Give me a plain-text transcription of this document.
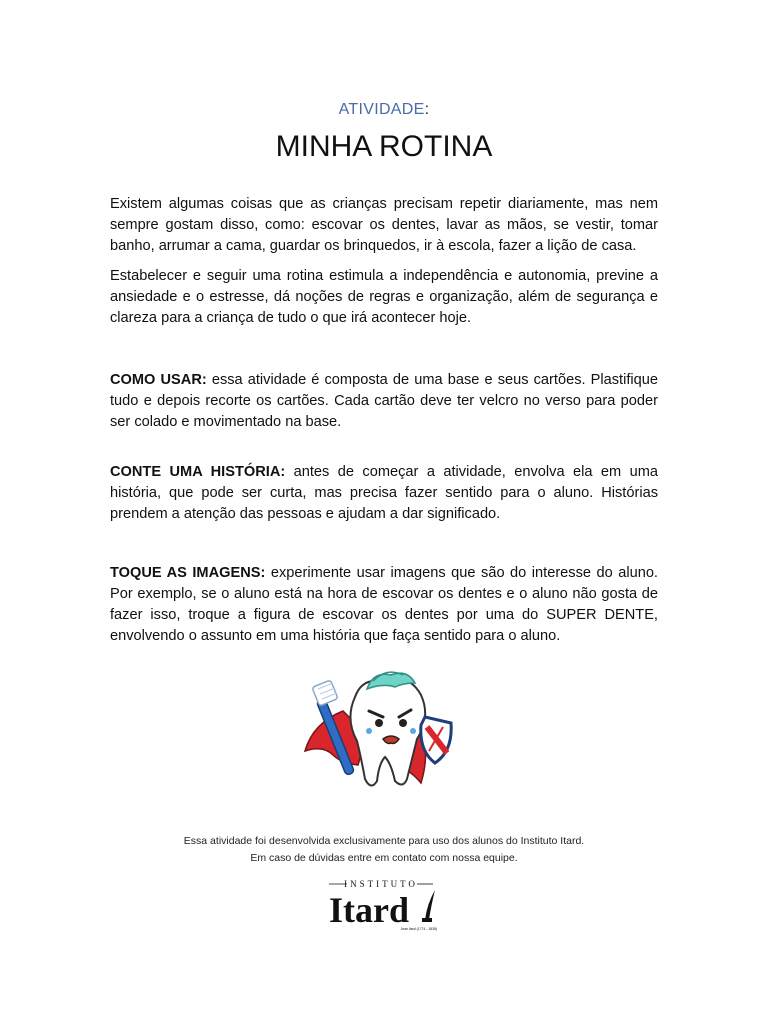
ATIVIDADE:
MINHA ROTINA

Existem algumas coisas que as crianças precisam repetir diariamente, mas nem sempre gostam disso, como: escovar os dentes, lavar as mãos, se vestir, tomar banho, arrumar a cama, guardar os brinquedos, ir à escola, fazer a lição de casa.

Estabelecer e seguir uma rotina estimula a independência e autonomia, previne a ansiedade e o estresse, dá noções de regras e organização, além de segurança e clareza para a criança de tudo o que irá acontecer hoje.

COMO USAR: essa atividade é composta de uma base e seus cartões. Plastifique tudo e depois recorte os cartões. Cada cartão deve ter velcro no verso para poder ser colado e movimentado na base.

CONTE UMA HISTÓRIA: antes de começar a atividade, envolva ela em uma história, que pode ser curta, mas precisa fazer sentido para o aluno. Histórias prendem a atenção das pessoas e ajudam a dar significado.

TOQUE AS IMAGENS: experimente usar imagens que são do interesse do aluno. Por exemplo, se o aluno está na hora de escovar os dentes e o aluno não gosta de fazer isso, troque a figura de escovar os dentes por uma do SUPER DENTE, envolvendo o assunto em uma história que faça sentido para o aluno.

Essa atividade foi desenvolvida exclusivamente para uso dos alunos do Instituto Itard.
Em caso de dúvidas entre em contato com nossa equipe.
INSTITUTO
Itard
Jean Itard (1774 - 1838)
